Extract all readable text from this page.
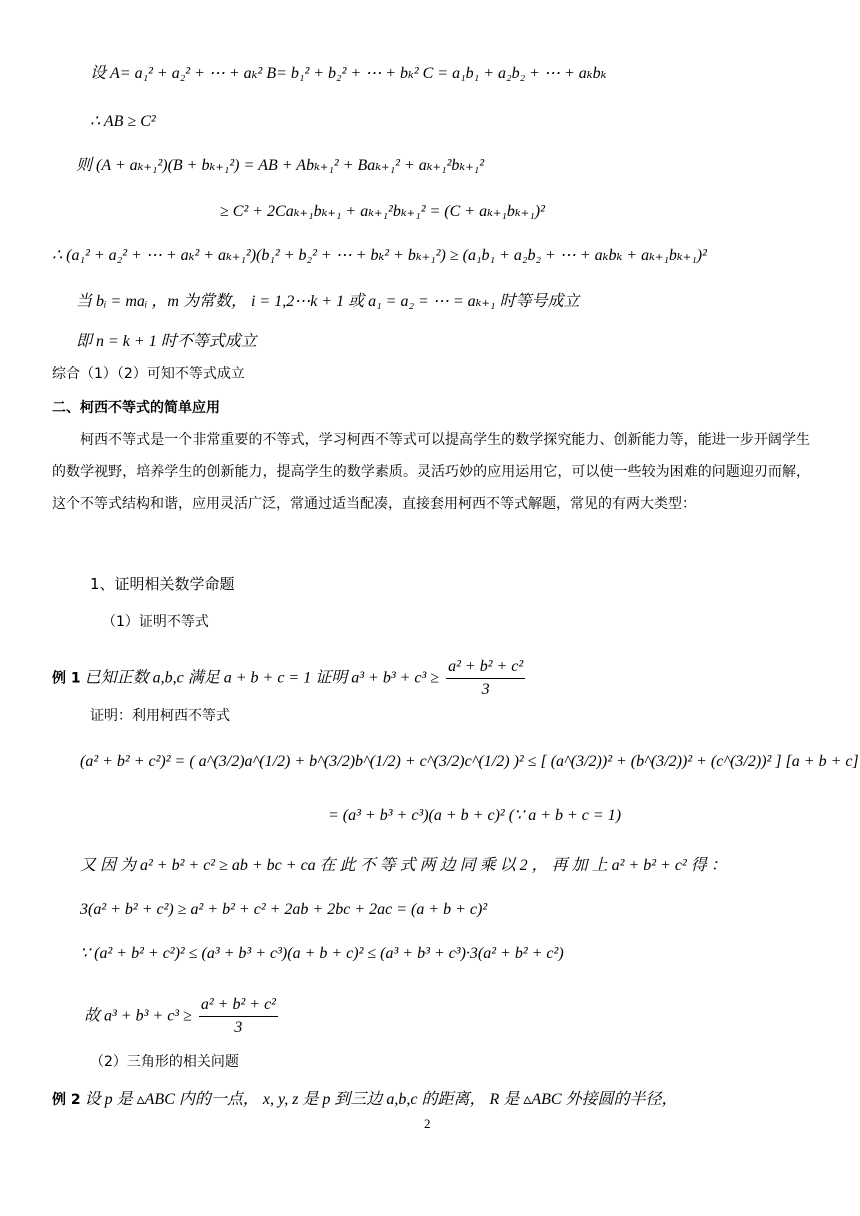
设 A= a₁² + a₂² + ⋯ + aₖ² B= b₁² + b₂² + ⋯ + bₖ² C = a₁b₁ + a₂b₂ + ⋯ + aₖbₖ
∴ AB ≥ C²
则 (A + aₖ₊₁²)(B + bₖ₊₁²) = AB + Abₖ₊₁² + Baₖ₊₁² + aₖ₊₁²bₖ₊₁²
≥ C² + 2Caₖ₊₁bₖ₊₁ + aₖ₊₁²bₖ₊₁² = (C + aₖ₊₁bₖ₊₁)²
∴ (a₁² + a₂² + ⋯ + aₖ² + aₖ₊₁²)(b₁² + b₂² + ⋯ + bₖ² + bₖ₊₁²) ≥ (a₁b₁ + a₂b₂ + ⋯ + aₖbₖ + aₖ₊₁bₖ₊₁)²
当 bᵢ = maᵢ ，m 为常数， i = 1,2⋯k + 1 或 a₁ = a₂ = ⋯ = aₖ₊₁ 时等号成立
即 n = k + 1 时不等式成立
综合（1）（2）可知不等式成立
二、柯西不等式的简单应用
柯西不等式是一个非常重要的不等式，学习柯西不等式可以提高学生的数学探究能力、创新能力等，能进一步开阔学生的数学视野，培养学生的创新能力，提高学生的数学素质。灵活巧妙的应用运用它，可以使一些较为困难的问题迎刃而解，这个不等式结构和谐，应用灵活广泛，常通过适当配凑，直接套用柯西不等式解题，常见的有两大类型：
1、证明相关数学命题
（1）证明不等式
例 1 已知正数 a,b,c 满足 a + b + c = 1 证明 $a^3 + b^3 + c^3 \ge \frac{\text{a² + b² + c²}}{3}$
证明：利用柯西不等式
(a² + b² + c²)² = ( a^(3/2)a^(1/2) + b^(3/2)b^(1/2) + c^(3/2)c^(1/2) )² ≤ [ (a^(3/2))² + (b^(3/2))² + (c^(3/2))² ] [a + b + c]
= (a³ + b³ + c³)(a + b + c)² (∵ a + b + c = 1)
又 因 为 a² + b² + c² ≥ ab + bc + ca 在 此 不 等 式 两 边 同 乘 以 2 ， 再 加 上 a² + b² + c² 得 ：
3(a² + b² + c²) ≥ a² + b² + c² + 2ab + 2bc + 2ac = (a + b + c)²
∵ (a² + b² + c²)² ≤ (a³ + b³ + c³)(a + b + c)² ≤ (a³ + b³ + c³)·3(a² + b² + c²)
故 $a^3 + b^3 + c^3 \ge \frac{\text{a² + b² + c²}}{3}$
（2）三角形的相关问题
例 2 设 p 是 ▵ABC 内的一点， x, y, z 是 p 到三边 a,b,c 的距离， R 是 ▵ABC 外接圆的半径，
2
